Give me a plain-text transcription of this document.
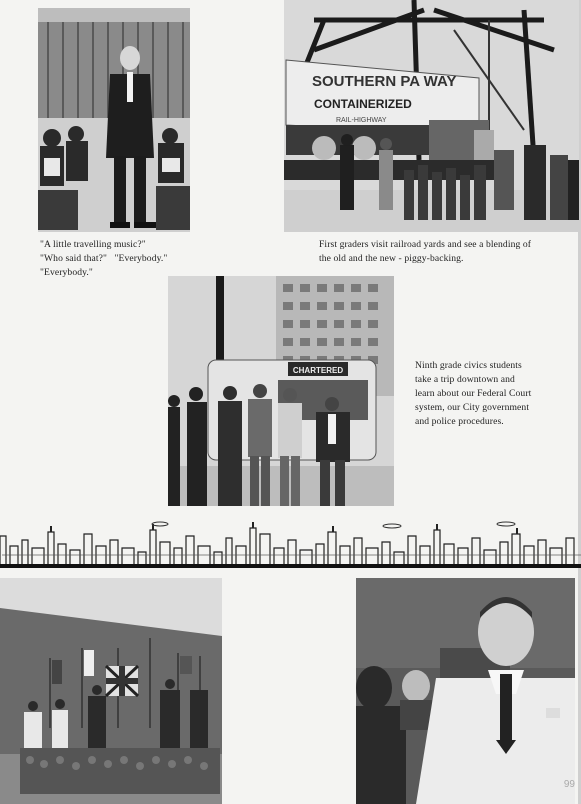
"A little travelling music?"
"Who said that?"   "Everybody."
"Everybody."
SOUTHERN PA WAY
CONTAINERIZED
RAIL-HIGHWAY
First graders visit railroad yards and see a blending of
the old and the new - piggy-backing.
CHARTERED	Ninth grade civics students
take a trip downtown and
learn about our Federal Court
system, our City government
and police procedures.
99
